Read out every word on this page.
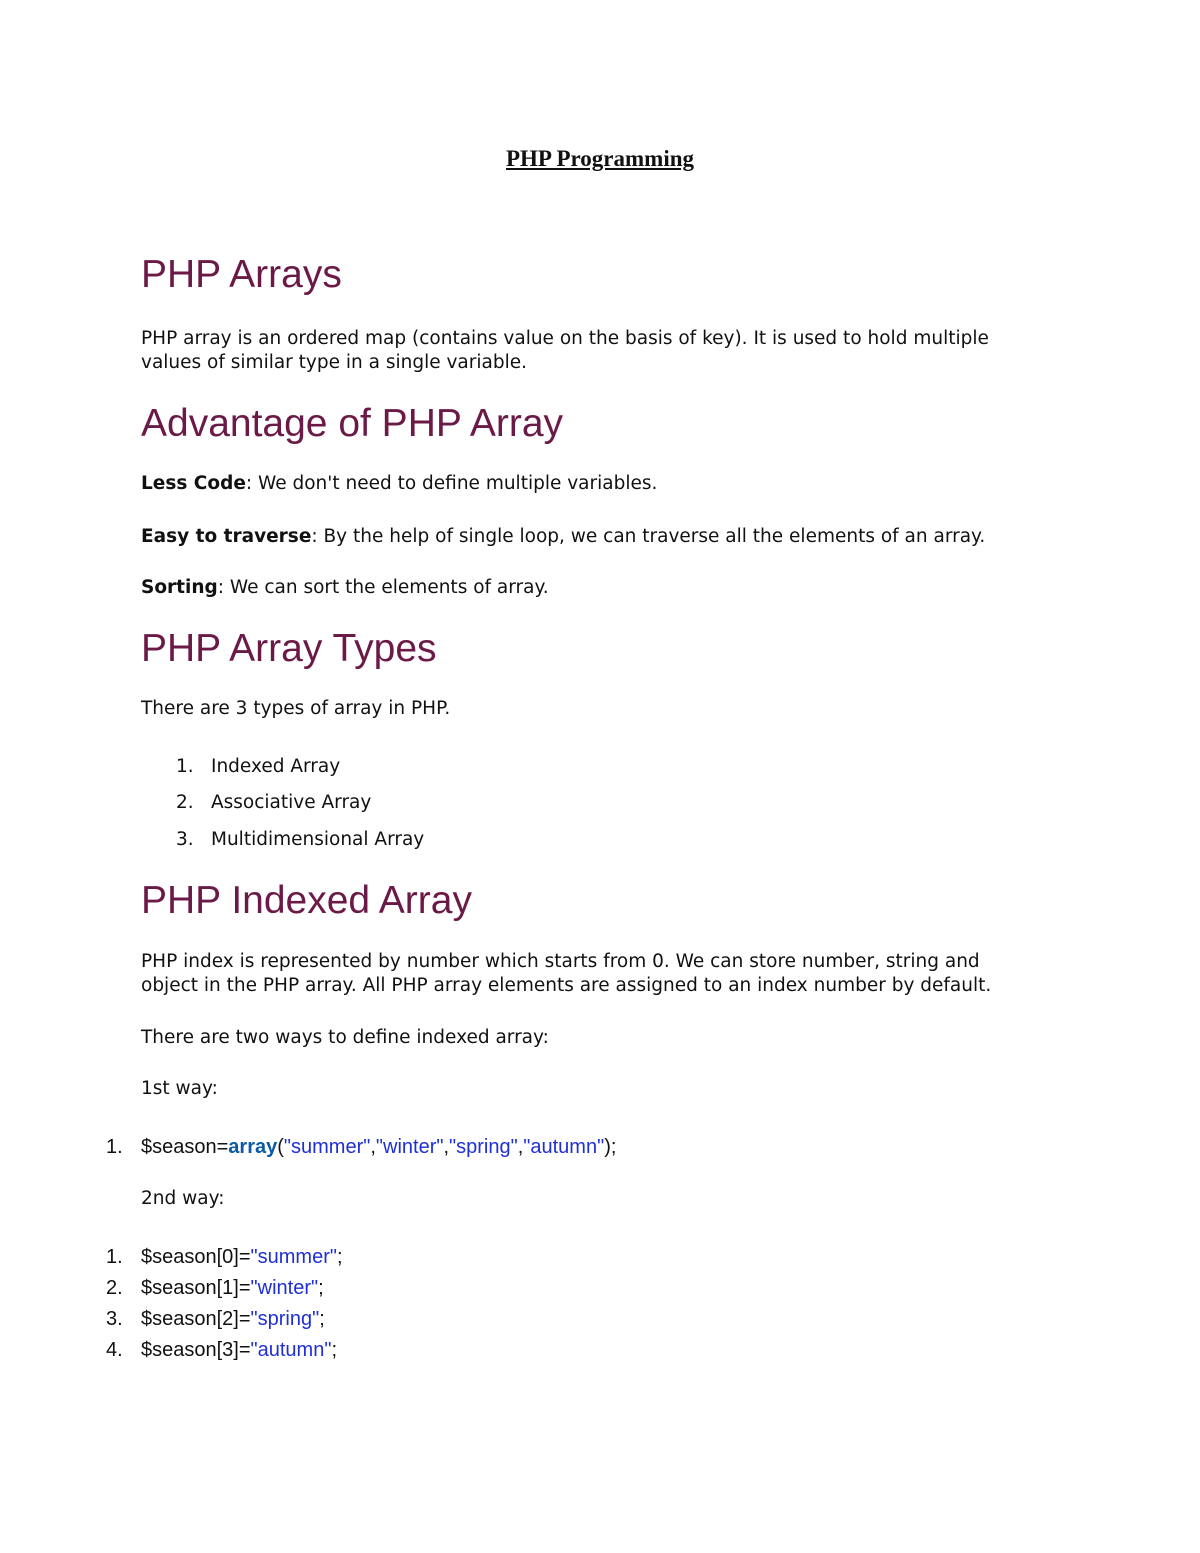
PHP Programming
PHP Arrays
PHP array is an ordered map (contains value on the basis of key). It is used to hold multiple
values of similar type in a single variable.
Advantage of PHP Array
Less Code: We don't need to define multiple variables.
Easy to traverse: By the help of single loop, we can traverse all the elements of an array.
Sorting: We can sort the elements of array.
PHP Array Types
There are 3 types of array in PHP.
1. Indexed Array
2. Associative Array
3. Multidimensional Array
PHP Indexed Array
PHP index is represented by number which starts from 0. We can store number, string and
object in the PHP array. All PHP array elements are assigned to an index number by default.
There are two ways to define indexed array:
1st way:
1. $season=array("summer","winter","spring","autumn");
2nd way:
1. $season[0]="summer";
2. $season[1]="winter";
3. $season[2]="spring";
4. $season[3]="autumn";
